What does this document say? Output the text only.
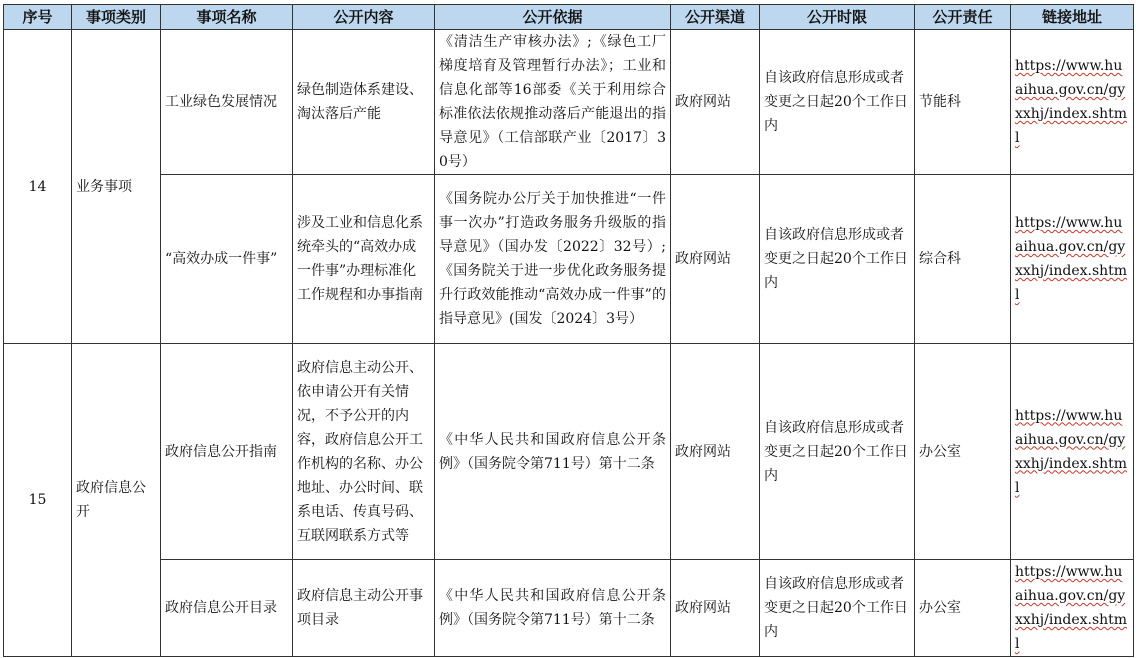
序号	事项类别	事项名称	公开内容	公开依据	公开渠道	公开时限	公开责任	链接地址
14	业务事项	工业绿色发展情况	绿色制造体系建设、淘汰落后产能	《清洁生产审核办法》;《绿色工厂梯度培育及管理暂行办法》；工业和信息化部等16部委《关于利用综合标准依法依规推动落后产能退出的指导意见》（工信部联产业〔2017〕30号）	政府网站	自该政府信息形成或者变更之日起20个工作日内	节能科	https://www.huaihua.gov.cn/gyxxhj/index.shtml
		“高效办成一件事”	涉及工业和信息化系统牵头的“高效办成一件事”办理标准化工作规程和办事指南	《国务院办公厅关于加快推进“一件事一次办”打造政务服务升级版的指导意见》（国办发〔2022〕32号）;《国务院关于进一步优化政务服务提升行政效能推动“高效办成一件事”的指导意见》(国发〔2024〕3号）	政府网站	自该政府信息形成或者变更之日起20个工作日内	综合科	https://www.huaihua.gov.cn/gyxxhj/index.shtml
15	政府信息公开	政府信息公开指南	政府信息主动公开、依申请公开有关情况，不予公开的内容，政府信息公开工作机构的名称、办公地址、办公时间、联系电话、传真号码、互联网联系方式等	《中华人民共和国政府信息公开条例》（国务院令第711号）第十二条	政府网站	自该政府信息形成或者变更之日起20个工作日内	办公室	https://www.huaihua.gov.cn/gyxxhj/index.shtml
		政府信息公开目录	政府信息主动公开事项目录	《中华人民共和国政府信息公开条例》（国务院令第711号）第十二条	政府网站	自该政府信息形成或者变更之日起20个工作日内	办公室	https://www.huaihua.gov.cn/gyxxhj/index.shtml
